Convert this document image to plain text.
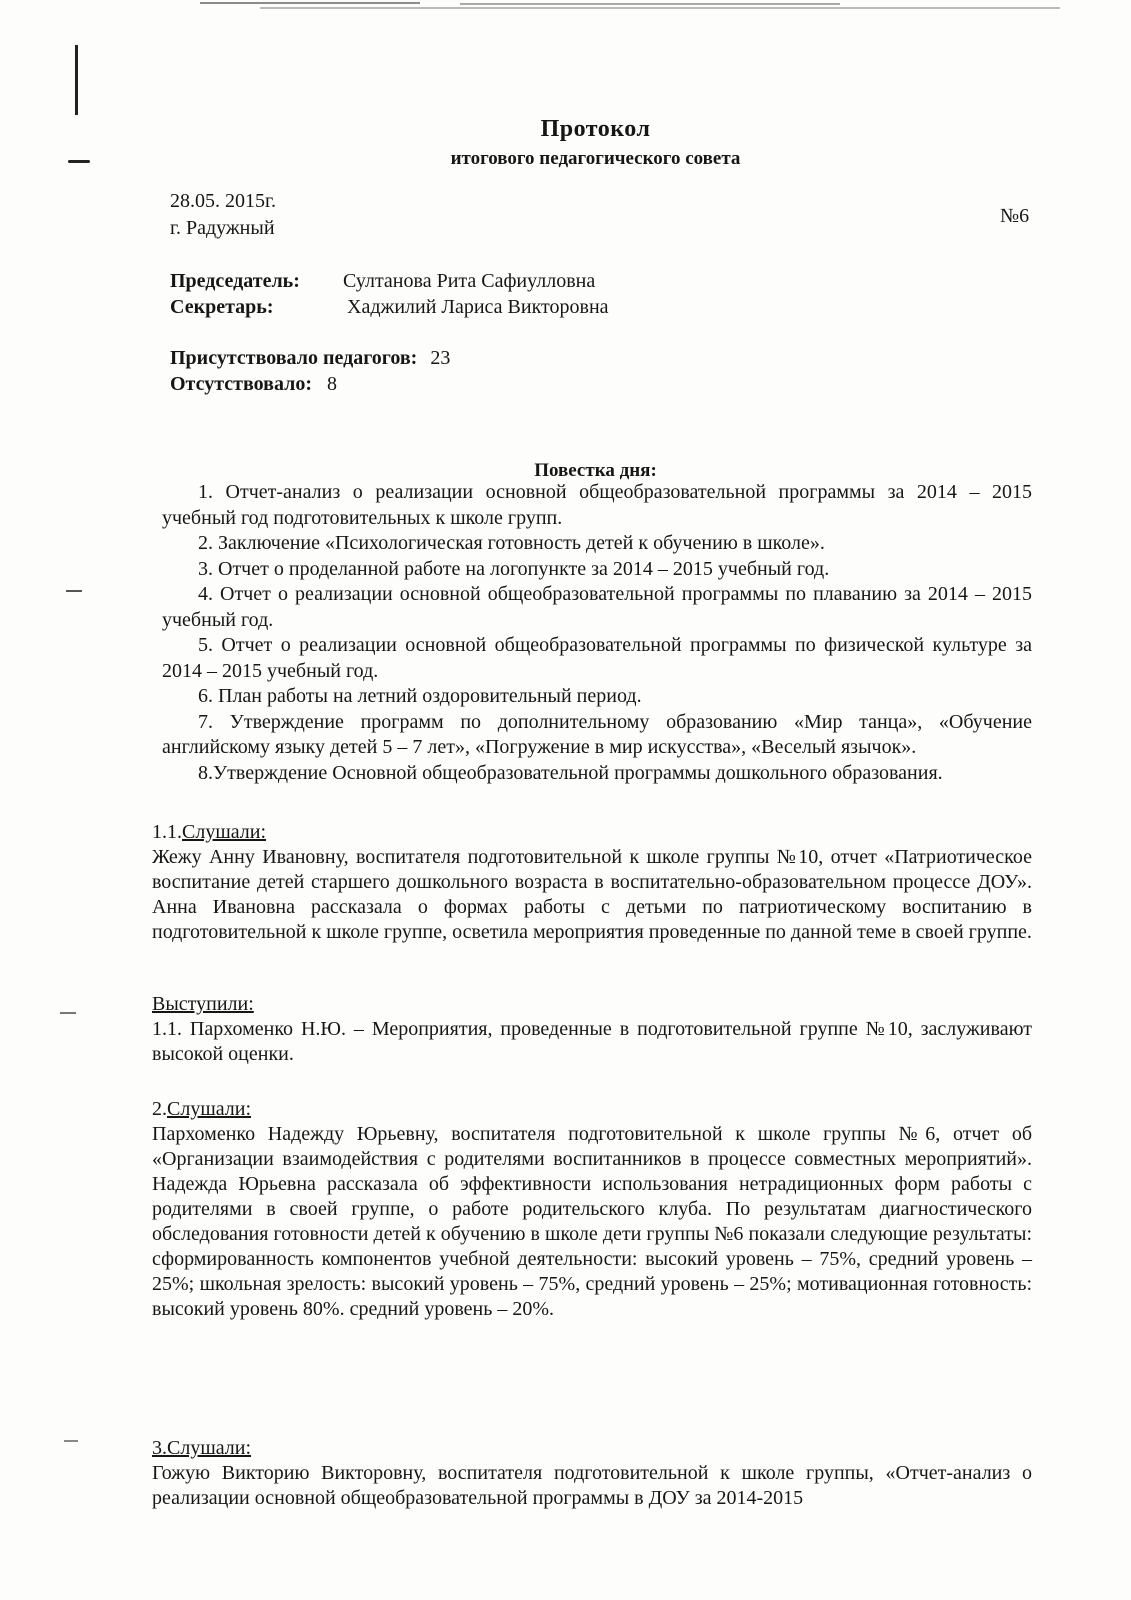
Протокол
итогового педагогического совета
28.05. 2015г.
г. Радужный
№6
Председатель: Султанова Рита Сафиулловна
Секретарь:	Хаджилий Лариса Викторовна
Присутствовало педагогов: 23
Отсутствовало: 8
Повестка дня:
1. Отчет-анализ о реализации основной общеобразовательной программы за 2014 – 2015 учебный год подготовительных к школе групп.
2. Заключение «Психологическая готовность детей к обучению в школе».
3. Отчет о проделанной работе на логопункте за 2014 – 2015 учебный год.
4. Отчет о реализации основной общеобразовательной программы по плаванию за 2014 – 2015 учебный год.
5. Отчет о реализации основной общеобразовательной программы по физической культуре за 2014 – 2015 учебный год.
6. План работы на летний оздоровительный период.
7. Утверждение программ по дополнительному образованию «Мир танца», «Обучение английскому языку детей 5 – 7 лет», «Погружение в мир искусства», «Веселый язычок».
8.Утверждение Основной общеобразовательной программы дошкольного образования.
1.1.Слушали:
Жежу Анну Ивановну, воспитателя подготовительной к школе группы №10, отчет «Патриотическое воспитание детей старшего дошкольного возраста в воспитательно-образовательном процессе ДОУ». Анна Ивановна рассказала о формах работы с детьми по патриотическому воспитанию в подготовительной к школе группе, осветила мероприятия проведенные по данной теме в своей группе.
Выступили:
1.1. Пархоменко Н.Ю. – Мероприятия, проведенные в подготовительной группе №10, заслуживают высокой оценки.
2.Слушали:
Пархоменко Надежду Юрьевну, воспитателя подготовительной к школе группы №6, отчет об «Организации взаимодействия с родителями воспитанников в процессе совместных мероприятий». Надежда Юрьевна рассказала об эффективности использования нетрадиционных форм работы с родителями в своей группе, о работе родительского клуба. По результатам диагностического обследования готовности детей к обучению в школе дети группы №6 показали следующие результаты: сформированность компонентов учебной деятельности: высокий уровень – 75%, средний уровень – 25%; школьная зрелость: высокий уровень – 75%, средний уровень – 25%; мотивационная готовность: высокий уровень 80%. средний уровень – 20%.
3.Слушали:
Гожую Викторию Викторовну, воспитателя подготовительной к школе группы, «Отчет-анализ о реализации основной общеобразовательной программы в ДОУ за 2014-2015
